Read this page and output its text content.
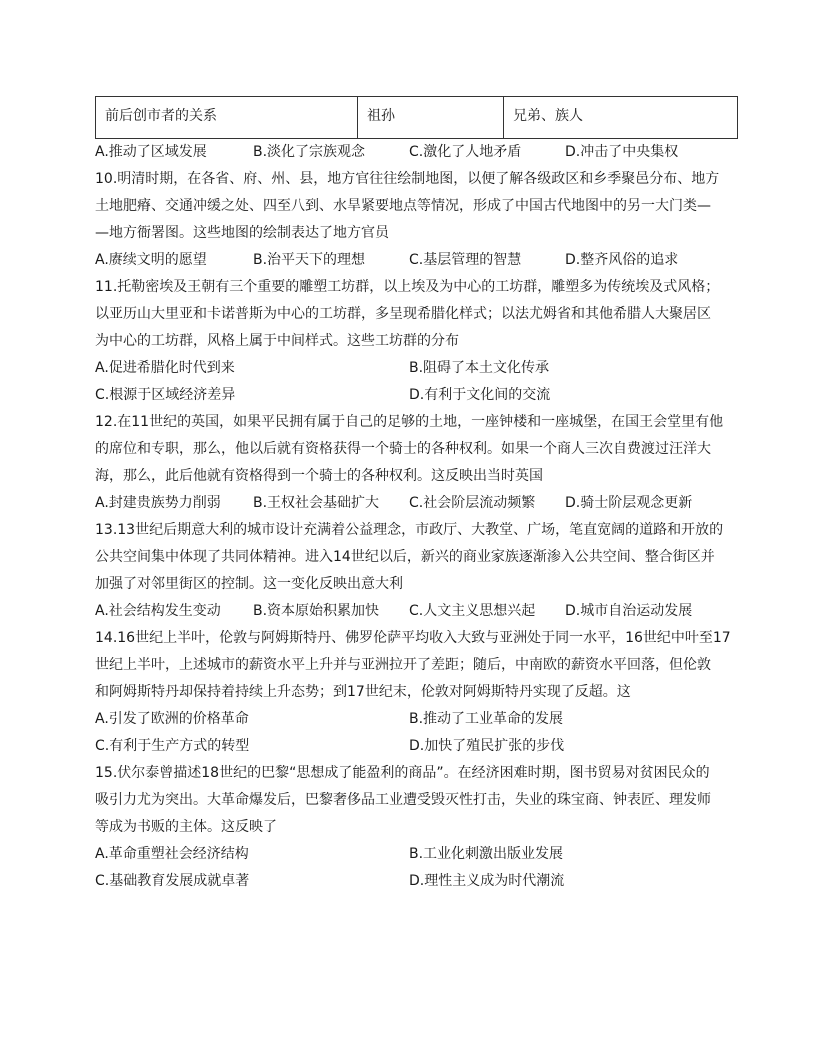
前后创市者的关系	祖孙	兄弟、族人
A.推动了区域发展	B.淡化了宗族观念	C.激化了人地矛盾	D.冲击了中央集权
10.明清时期，在各省、府、州、县，地方官往往绘制地图，以便了解各级政区和乡季聚邑分布、地方
土地肥瘠、交通冲缓之处、四至八到、水旱紧要地点等情况，形成了中国古代地图中的另一大门类—
—地方衙署图。这些地图的绘制表达了地方官员
A.赓续文明的愿望	B.治平天下的理想	C.基层管理的智慧	D.整齐风俗的追求
11.托勒密埃及王朝有三个重要的雕塑工坊群，以上埃及为中心的工坊群，雕塑多为传统埃及式风格；
以亚历山大里亚和卡诺普斯为中心的工坊群，多呈现希腊化样式；以法尤姆省和其他希腊人大聚居区
为中心的工坊群，风格上属于中间样式。这些工坊群的分布
A.促进希腊化时代到来	B.阻碍了本土文化传承
C.根源于区域经济差异	D.有利于文化间的交流
12.在11世纪的英国，如果平民拥有属于自己的足够的土地，一座钟楼和一座城堡，在国王会堂里有他
的席位和专职，那么，他以后就有资格获得一个骑士的各种权利。如果一个商人三次自费渡过汪洋大
海，那么，此后他就有资格得到一个骑士的各种权利。这反映出当时英国
A.封建贵族势力削弱 B.王权社会基础扩大 C.社会阶层流动频繁 D.骑士阶层观念更新
13.13世纪后期意大利的城市设计充满着公益理念，市政厅、大教堂、广场，笔直宽阔的道路和开放的
公共空间集中体现了共同体精神。进入14世纪以后，新兴的商业家族逐渐渗入公共空间、整合街区并
加强了对邻里街区的控制。这一变化反映出意大利
A.社会结构发生变动 B.资本原始积累加快 C.人文主义思想兴起 D.城市自治运动发展
14.16世纪上半叶，伦敦与阿姆斯特丹、佛罗伦萨平均收入大致与亚洲处于同一水平，16世纪中叶至17
世纪上半叶，上述城市的薪资水平上升并与亚洲拉开了差距；随后，中南欧的薪资水平回落，但伦敦
和阿姆斯特丹却保持着持续上升态势；到17世纪末，伦敦对阿姆斯特丹实现了反超。这
A.引发了欧洲的价格革命	B.推动了工业革命的发展
C.有利于生产方式的转型	D.加快了殖民扩张的步伐
15.伏尔泰曾描述18世纪的巴黎“思想成了能盈利的商品”。在经济困难时期，图书贸易对贫困民众的
吸引力尤为突出。大革命爆发后，巴黎奢侈品工业遭受毁灭性打击，失业的珠宝商、钟表匠、理发师
等成为书贩的主体。这反映了
A.革命重塑社会经济结构	B.工业化刺激出版业发展
C.基础教育发展成就卓著	D.理性主义成为时代潮流
